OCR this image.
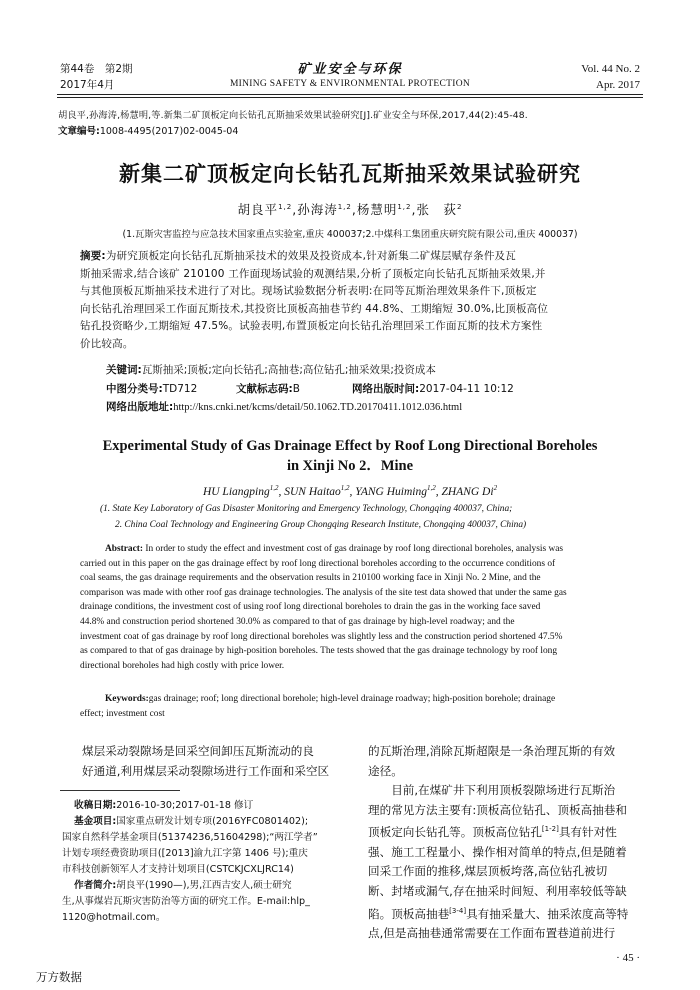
第44卷　第2期
2017年4月
矿业安全与环保
MINING SAFETY & ENVIRONMENTAL PROTECTION
Vol. 44 No. 2
Apr. 2017
胡良平,孙海涛,杨慧明,等.新集二矿顶板定向长钻孔瓦斯抽采效果试验研究[J].矿业安全与环保,2017,44(2):45-48.
文章编号:1008-4495(2017)02-0045-04
新集二矿顶板定向长钻孔瓦斯抽采效果试验研究
胡良平$^{1,2}$,孙海涛$^{1,2}$,杨慧明$^{1,2}$,张　荻$^2$
(1.瓦斯灾害监控与应急技术国家重点实验室,重庆 400037;2.中煤科工集团重庆研究院有限公司,重庆 400037)
摘要:为研究顶板定向长钻孔瓦斯抽采技术的效果及投资成本,针对新集二矿煤层赋存条件及瓦
斯抽采需求,结合该矿 210100 工作面现场试验的观测结果,分析了顶板定向长钻孔瓦斯抽采效果,并
与其他顶板瓦斯抽采技术进行了对比。现场试验数据分析表明:在同等瓦斯治理效果条件下,顶板定
向长钻孔治理回采工作面瓦斯技术,其投资比顶板高抽巷节约 44.8%、工期缩短 30.0%,比顶板高位
钻孔投资略少,工期缩短 47.5%。试验表明,布置顶板定向长钻孔治理回采工作面瓦斯的技术方案性
价比较高。
关键词:瓦斯抽采;顶板;定向长钻孔;高抽巷;高位钻孔;抽采效果;投资成本
中图分类号:TD712	文献标志码:B	网络出版时间:2017-04-11 10:12
网络出版地址:http://kns.cnki.net/kcms/detail/50.1062.TD.20170411.1012.036.html
Experimental Study of Gas Drainage Effect by Roof Long Directional Boreholes
in Xinji No 2．Mine
HU Liangping$^{1,2}$, SUN Haitao$^{1,2}$, YANG Huiming$^{1,2}$, ZHANG Di$^2$
(1. State Key Laboratory of Gas Disaster Monitoring and Emergency Technology, Chongqing 400037, China;
2. China Coal Technology and Engineering Group Chongqing Research Institute, Chongqing 400037, China)
Abstract: In order to study the effect and investment cost of gas drainage by roof long directional boreholes, analysis was
carried out in this paper on the gas drainage effect by roof long directional boreholes according to the occurrence conditions of
coal seams, the gas drainage requirements and the observation results in 210100 working face in Xinji No. 2 Mine, and the
comparison was made with other roof gas drainage technologies. The analysis of the site test data showed that under the same gas
drainage conditions, the investment cost of using roof long directional boreholes to drain the gas in the working face saved
44.8% and construction period shortened 30.0% as compared to that of gas drainage by high-level roadway; and the
investment coat of gas drainage by roof long directional boreholes was slightly less and the construction period shortened 47.5%
as compared to that of gas drainage by high-position boreholes. The tests showed that the gas drainage technology by roof long
directional boreholes had high costly with price lower.
Keywords:gas drainage; roof; long directional borehole; high-level drainage roadway; high-position borehole; drainage
effect; investment cost
煤层采动裂隙场是回采空间卸压瓦斯流动的良
好通道,利用煤层采动裂隙场进行工作面和采空区
收稿日期:2016-10-30;2017-01-18 修订
基金项目:国家重点研发计划专项(2016YFC0801402);
国家自然科学基金项目(51374236,51604298);“两江学者”
计划专项经费资助项目([2013]渝九江字第 1406 号);重庆
市科技创新领军人才支持计划项目(CSTCKJCXLJRC14)
作者简介:胡良平(1990—),男,江西吉安人,硕士研究
生,从事煤岩瓦斯灾害防治等方面的研究工作。E-mail:hlp_
1120@hotmail.com。
的瓦斯治理,消除瓦斯超限是一条治理瓦斯的有效
途径。
　　目前,在煤矿井下利用顶板裂隙场进行瓦斯治
理的常见方法主要有:顶板高位钻孔、顶板高抽巷和
顶板定向长钻孔等。顶板高位钻孔[1-2]具有针对性
强、施工工程量小、操作相对简单的特点,但是随着
回采工作面的推移,煤层顶板垮落,高位钻孔被切
断、封堵或漏气,存在抽采时间短、利用率较低等缺
陷。顶板高抽巷[3-4]具有抽采量大、抽采浓度高等特
点,但是高抽巷通常需要在工作面布置巷道前进行
· 45 ·
万方数据
